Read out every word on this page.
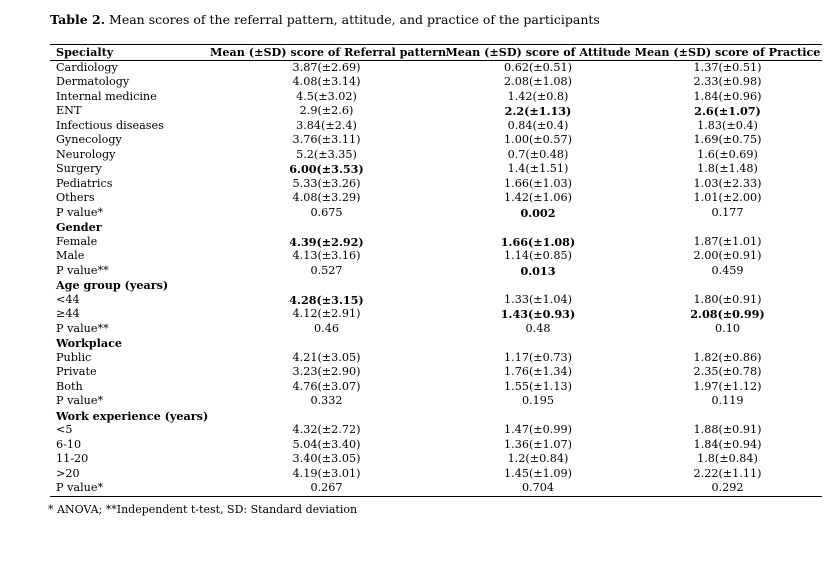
Table 2. Mean scores of the referral pattern, attitude, and practice of the participants
Specialty	Mean (±SD) score of Referral pattern	Mean (±SD) score of Attitude	Mean (±SD) score of Practice
Cardiology	3.87(±2.69)	0.62(±0.51)	1.37(±0.51)
Dermatology	4.08(±3.14)	2.08(±1.08)	2.33(±0.98)
Internal medicine	4.5(±3.02)	1.42(±0.8)	1.84(±0.96)
ENT	2.9(±2.6)	2.2(±1.13)	2.6(±1.07)
Infectious diseases	3.84(±2.4)	0.84(±0.4)	1.83(±0.4)
Gynecology	3.76(±3.11)	1.00(±0.57)	1.69(±0.75)
Neurology	5.2(±3.35)	0.7(±0.48)	1.6(±0.69)
Surgery	6.00(±3.53)	1.4(±1.51)	1.8(±1.48)
Pediatrics	5.33(±3.26)	1.66(±1.03)	1.03(±2.33)
Others	4.08(±3.29)	1.42(±1.06)	1.01(±2.00)
P value*	0.675	0.002	0.177
Gender			
Female	4.39(±2.92)	1.66(±1.08)	1.87(±1.01)
Male	4.13(±3.16)	1.14(±0.85)	2.00(±0.91)
P value**	0.527	0.013	0.459
Age group (years)			
<44	4.28(±3.15)	1.33(±1.04)	1.80(±0.91)
≥44	4.12(±2.91)	1.43(±0.93)	2.08(±0.99)
P value**	0.46	0.48	0.10
Workplace			
Public	4.21(±3.05)	1.17(±0.73)	1.82(±0.86)
Private	3.23(±2.90)	1.76(±1.34)	2.35(±0.78)
Both	4.76(±3.07)	1.55(±1.13)	1.97(±1.12)
P value*	0.332	0.195	0.119
Work experience (years)			
<5	4.32(±2.72)	1.47(±0.99)	1.88(±0.91)
6-10	5.04(±3.40)	1.36(±1.07)	1.84(±0.94)
11-20	3.40(±3.05)	1.2(±0.84)	1.8(±0.84)
>20	4.19(±3.01)	1.45(±1.09)	2.22(±1.11)
P value*	0.267	0.704	0.292
* ANOVA; **Independent t-test, SD: Standard deviation
